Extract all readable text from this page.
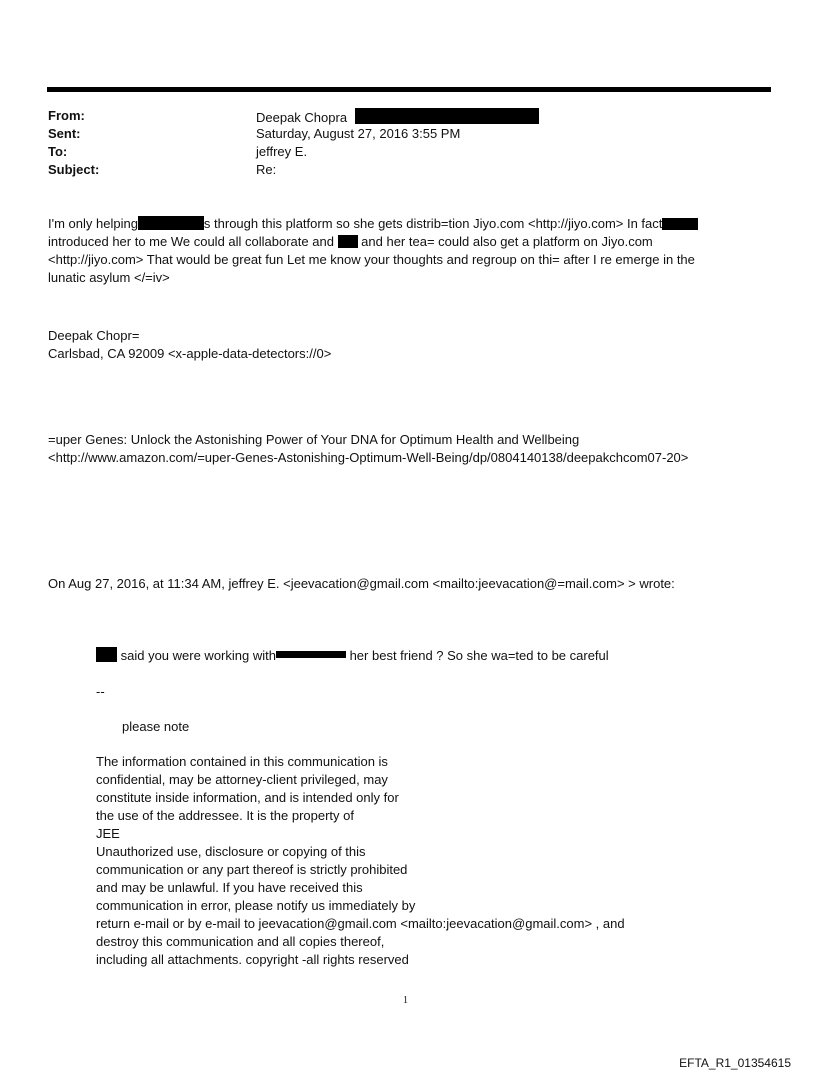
From:	Deepak Chopra
Sent:	Saturday, August 27, 2016 3:55 PM
To:	jeffrey E.
Subject:	Re:
I'm only helping	s through this platform so she gets distrib=tion Jiyo.com <http://jiyo.com> In fact
introduced her to me We could all collaborate and  and her tea= could also get a platform on Jiyo.com
<http://jiyo.com> That would be great fun Let me know your thoughts and regroup on thi= after I re emerge in the
lunatic asylum </=iv>
Deepak Chopr=
Carlsbad, CA 92009 <x-apple-data-detectors://0>
=uper Genes: Unlock the Astonishing Power of Your DNA for Optimum Health and Wellbeing
<http://www.amazon.com/=uper-Genes-Astonishing-Optimum-Well-Being/dp/0804140138/deepakchcom07-20>
On Aug 27, 2016, at 11:34 AM, jeffrey E. <jeevacation@gmail.com <mailto:jeevacation@=mail.com> > wrote:
said you were working with	her best friend ? So she wa=ted to be careful
--
please note
The information contained in this communication is
confidential, may be attorney-client privileged, may
constitute inside information, and is intended only for
the use of the addressee. It is the property of
JEE
Unauthorized use, disclosure or copying of this
communication or any part thereof is strictly prohibited
and may be unlawful. If you have received this
communication in error, please notify us immediately by
return e-mail or by e-mail to jeevacation@gmail.com <mailto:jeevacation@gmail.com> , and
destroy this communication and all copies thereof,
including all attachments. copyright -all rights reserved
1
EFTA_R1_01354615
